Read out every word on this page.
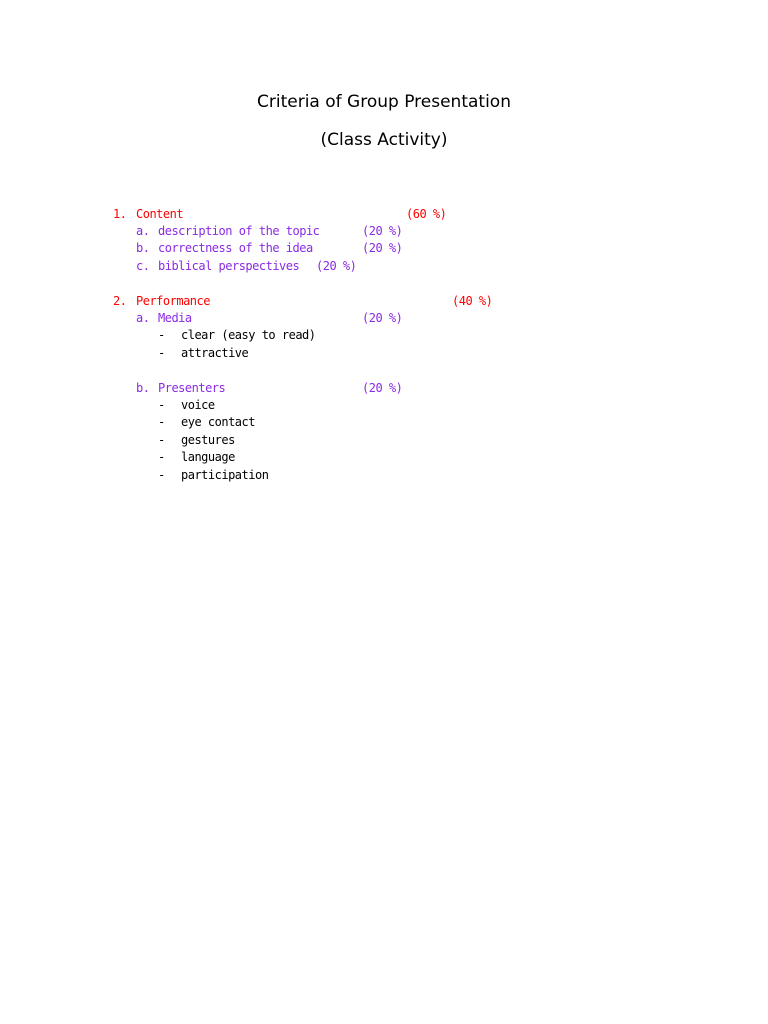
Criteria of Group Presentation
(Class Activity)
1. Content	(60 %)
a. description of the topic	(20 %)
b. correctness of the idea	(20 %)
c. biblical perspectives (20 %)
2. Performance	(40 %)
a. Media	(20 %)
- clear (easy to read)
- attractive
b. Presenters	(20 %)
- voice
- eye contact
- gestures
- language
- participation
